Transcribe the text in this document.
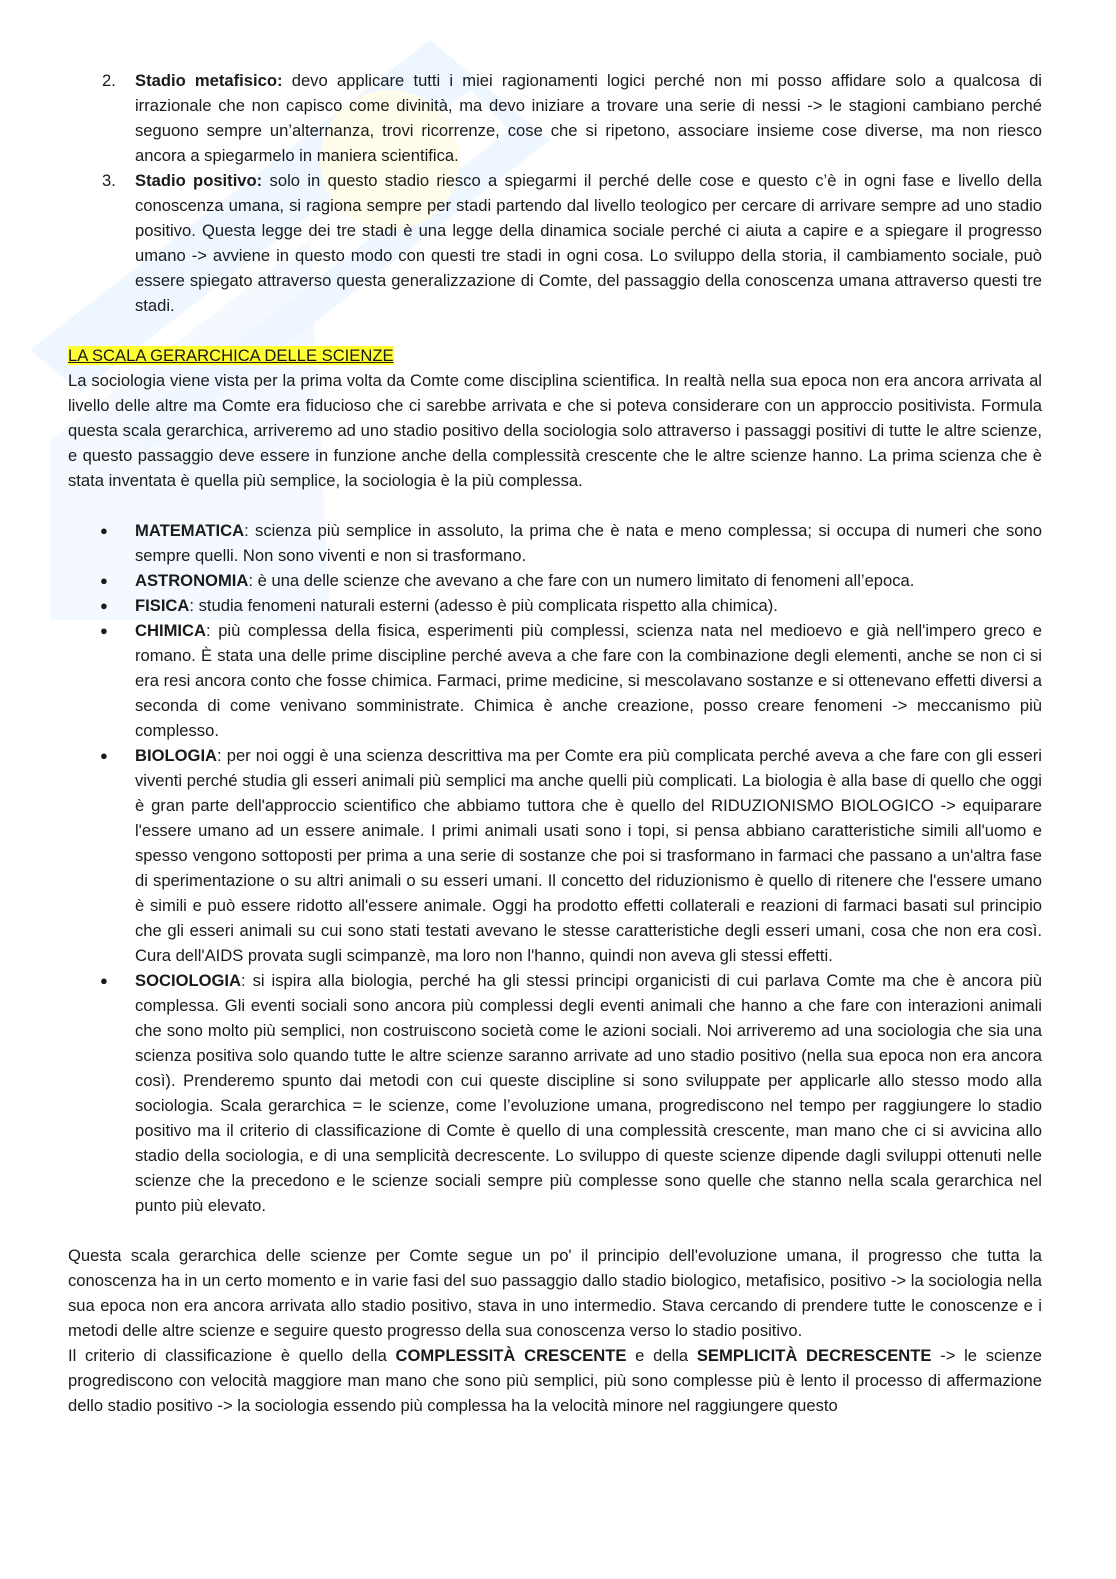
2. Stadio metafisico: devo applicare tutti i miei ragionamenti logici perché non mi posso affidare solo a qualcosa di irrazionale che non capisco come divinità, ma devo iniziare a trovare una serie di nessi -> le stagioni cambiano perché seguono sempre un’alternanza, trovi ricorrenze, cose che si ripetono, associare insieme cose diverse, ma non riesco ancora a spiegarmelo in maniera scientifica.
3. Stadio positivo: solo in questo stadio riesco a spiegarmi il perché delle cose e questo c’è in ogni fase e livello della conoscenza umana, si ragiona sempre per stadi partendo dal livello teologico per cercare di arrivare sempre ad uno stadio positivo. Questa legge dei tre stadi è una legge della dinamica sociale perché ci aiuta a capire e a spiegare il progresso umano -> avviene in questo modo con questi tre stadi in ogni cosa. Lo sviluppo della storia, il cambiamento sociale, può essere spiegato attraverso questa generalizzazione di Comte, del passaggio della conoscenza umana attraverso questi tre stadi.
LA SCALA GERARCHICA DELLE SCIENZE

La sociologia viene vista per la prima volta da Comte come disciplina scientifica. In realtà nella sua epoca non era ancora arrivata al livello delle altre ma Comte era fiducioso che ci sarebbe arrivata e che si poteva considerare con un approccio positivista. Formula questa scala gerarchica, arriveremo ad uno stadio positivo della sociologia solo attraverso i passaggi positivi di tutte le altre scienze, e questo passaggio deve essere in funzione anche della complessità crescente che le altre scienze hanno. La prima scienza che è stata inventata è quella più semplice, la sociologia è la più complessa.

● MATEMATICA: scienza più semplice in assoluto, la prima che è nata e meno complessa; si occupa di numeri che sono sempre quelli. Non sono viventi e non si trasformano.
● ASTRONOMIA: è una delle scienze che avevano a che fare con un numero limitato di fenomeni all’epoca.
● FISICA: studia fenomeni naturali esterni (adesso è più complicata rispetto alla chimica).
● CHIMICA: più complessa della fisica, esperimenti più complessi, scienza nata nel medioevo e già nell'impero greco e romano. È stata una delle prime discipline perché aveva a che fare con la combinazione degli elementi, anche se non ci si era resi ancora conto che fosse chimica. Farmaci, prime medicine, si mescolavano sostanze e si ottenevano effetti diversi a seconda di come venivano somministrate. Chimica è anche creazione, posso creare fenomeni -> meccanismo più complesso.
● BIOLOGIA: per noi oggi è una scienza descrittiva ma per Comte era più complicata perché aveva a che fare con gli esseri viventi perché studia gli esseri animali più semplici ma anche quelli più complicati. La biologia è alla base di quello che oggi è gran parte dell'approccio scientifico che abbiamo tuttora che è quello del RIDUZIONISMO BIOLOGICO -> equiparare l'essere umano ad un essere animale. I primi animali usati sono i topi, si pensa abbiano caratteristiche simili all'uomo e spesso vengono sottoposti per prima a una serie di sostanze che poi si trasformano in farmaci che passano a un'altra fase di sperimentazione o su altri animali o su esseri umani. Il concetto del riduzionismo è quello di ritenere che l'essere umano è simili e può essere ridotto all'essere animale. Oggi ha prodotto effetti collaterali e reazioni di farmaci basati sul principio che gli esseri animali su cui sono stati testati avevano le stesse caratteristiche degli esseri umani, cosa che non era così. Cura dell'AIDS provata sugli scimpanzè, ma loro non l'hanno, quindi non aveva gli stessi effetti.
● SOCIOLOGIA: si ispira alla biologia, perché ha gli stessi principi organicisti di cui parlava Comte ma che è ancora più complessa. Gli eventi sociali sono ancora più complessi degli eventi animali che hanno a che fare con interazioni animali che sono molto più semplici, non costruiscono società come le azioni sociali. Noi arriveremo ad una sociologia che sia una scienza positiva solo quando tutte le altre scienze saranno arrivate ad uno stadio positivo (nella sua epoca non era ancora così). Prenderemo spunto dai metodi con cui queste discipline si sono sviluppate per applicarle allo stesso modo alla sociologia. Scala gerarchica = le scienze, come l’evoluzione umana, progrediscono nel tempo per raggiungere lo stadio positivo ma il criterio di classificazione di Comte è quello di una complessità crescente, man mano che ci si avvicina allo stadio della sociologia, e di una semplicità decrescente. Lo sviluppo di queste scienze dipende dagli sviluppi ottenuti nelle scienze che la precedono e le scienze sociali sempre più complesse sono quelle che stanno nella scala gerarchica nel punto più elevato.

Questa scala gerarchica delle scienze per Comte segue un po' il principio dell'evoluzione umana, il progresso che tutta la conoscenza ha in un certo momento e in varie fasi del suo passaggio dallo stadio biologico, metafisico, positivo -> la sociologia nella sua epoca non era ancora arrivata allo stadio positivo, stava in uno intermedio. Stava cercando di prendere tutte le conoscenze e i metodi delle altre scienze e seguire questo progresso della sua conoscenza verso lo stadio positivo.

Il criterio di classificazione è quello della COMPLESSITÀ CRESCENTE e della SEMPLICITÀ DECRESCENTE -> le scienze progrediscono con velocità maggiore man mano che sono più semplici, più sono complesse più è lento il processo di affermazione dello stadio positivo -> la sociologia essendo più complessa ha la velocità minore nel raggiungere questo
